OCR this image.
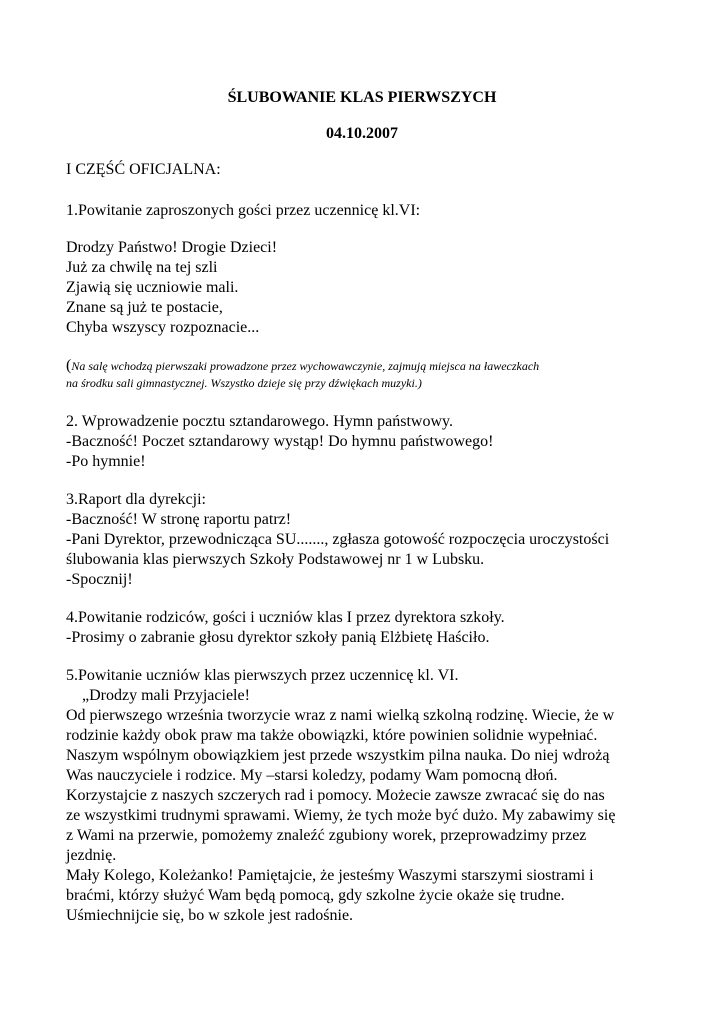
ŚLUBOWANIE KLAS PIERWSZYCH
04.10.2007
I CZĘŚĆ OFICJALNA:
1.Powitanie zaproszonych gości przez uczennicę kl.VI:
Drodzy Państwo! Drogie Dzieci!
Już za chwilę na tej szli
Zjawią się uczniowie mali.
Znane są już te postacie,
Chyba wszyscy rozpoznacie...
(Na salę wchodzą pierwszaki prowadzone przez wychowawczynie, zajmują miejsca na ławeczkach
na środku sali gimnastycznej. Wszystko dzieje się przy dźwiękach muzyki.)
2. Wprowadzenie pocztu sztandarowego. Hymn państwowy.
-Baczność! Poczet sztandarowy wystąp! Do hymnu państwowego!
-Po hymnie!
3.Raport dla dyrekcji:
-Baczność! W stronę raportu patrz!
-Pani Dyrektor, przewodnicząca SU......., zgłasza gotowość rozpoczęcia uroczystości
ślubowania klas pierwszych Szkoły Podstawowej nr 1 w Lubsku.
-Spocznij!
4.Powitanie rodziców, gości i uczniów klas I przez dyrektora szkoły.
-Prosimy o zabranie głosu dyrektor szkoły panią Elżbietę Haściło.
5.Powitanie uczniów klas pierwszych przez uczennicę kl. VI.
„Drodzy mali Przyjaciele!
Od pierwszego września tworzycie wraz z nami wielką szkolną rodzinę. Wiecie, że w
rodzinie każdy obok praw ma także obowiązki, które powinien solidnie wypełniać.
Naszym wspólnym obowiązkiem jest przede wszystkim pilna nauka. Do niej wdrożą
Was nauczyciele i rodzice. My –starsi koledzy, podamy Wam pomocną dłoń.
Korzystajcie z naszych szczerych rad i pomocy. Możecie zawsze zwracać się do nas
ze wszystkimi trudnymi sprawami. Wiemy, że tych może być dużo. My zabawimy się
z Wami na przerwie, pomożemy znaleźć zgubiony worek, przeprowadzimy przez
jezdnię.
Mały Kolego, Koleżanko! Pamiętajcie, że jesteśmy Waszymi starszymi siostrami i
braćmi, którzy służyć Wam będą pomocą, gdy szkolne życie okaże się trudne.
Uśmiechnijcie się, bo w szkole jest radośnie.
